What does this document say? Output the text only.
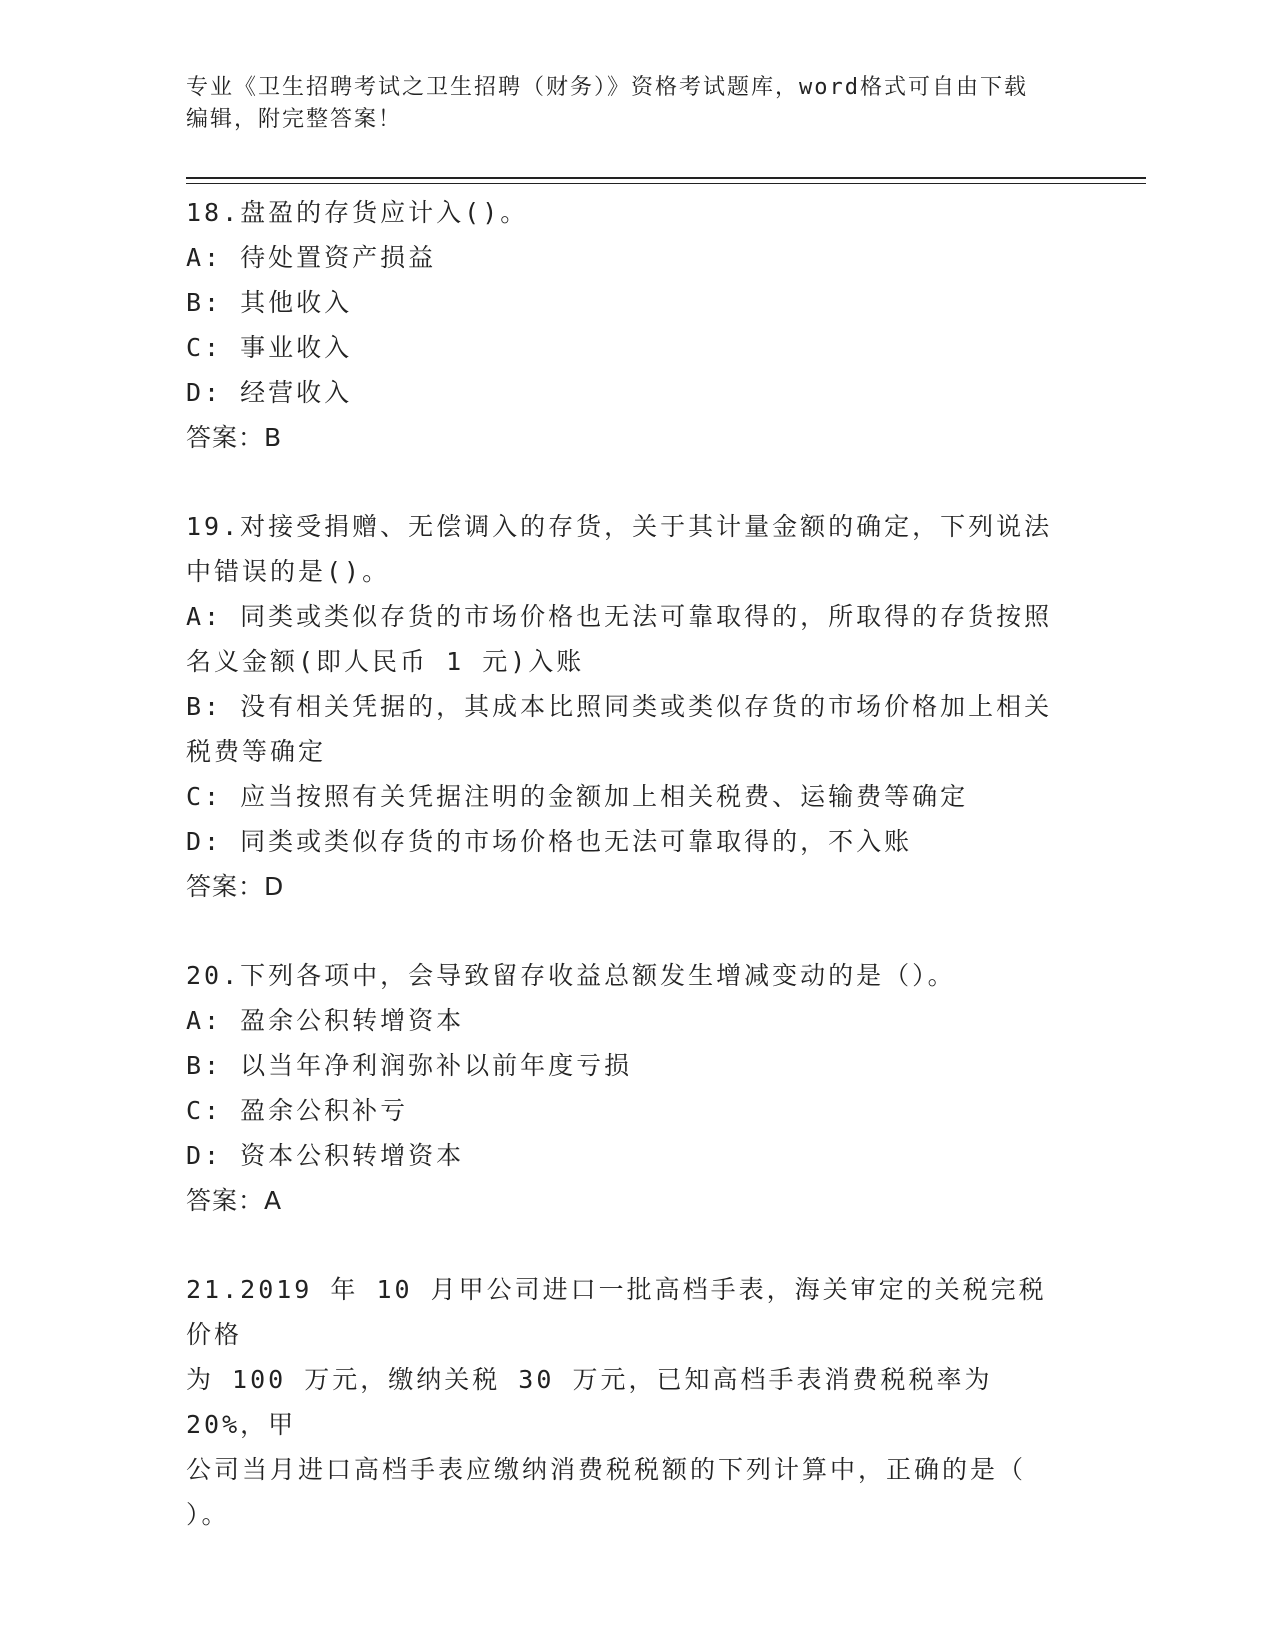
专业《卫生招聘考试之卫生招聘（财务）》资格考试题库，word格式可自由下载
编辑，附完整答案！
18.盘盈的存货应计入()。
A: 待处置资产损益
B: 其他收入
C: 事业收入
D: 经营收入
答案：B
19.对接受捐赠、无偿调入的存货，关于其计量金额的确定，下列说法
中错误的是()。
A: 同类或类似存货的市场价格也无法可靠取得的，所取得的存货按照
名义金额(即人民币 1 元)入账
B: 没有相关凭据的，其成本比照同类或类似存货的市场价格加上相关
税费等确定
C: 应当按照有关凭据注明的金额加上相关税费、运输费等确定
D: 同类或类似存货的市场价格也无法可靠取得的，不入账
答案：D
20.下列各项中，会导致留存收益总额发生增减变动的是（）。
A: 盈余公积转增资本
B: 以当年净利润弥补以前年度亏损
C: 盈余公积补亏
D: 资本公积转增资本
答案：A
21.2019 年 10 月甲公司进口一批高档手表，海关审定的关税完税价格
为 100 万元，缴纳关税 30 万元，已知高档手表消费税税率为 20%，甲
公司当月进口高档手表应缴纳消费税税额的下列计算中，正确的是（
）。
